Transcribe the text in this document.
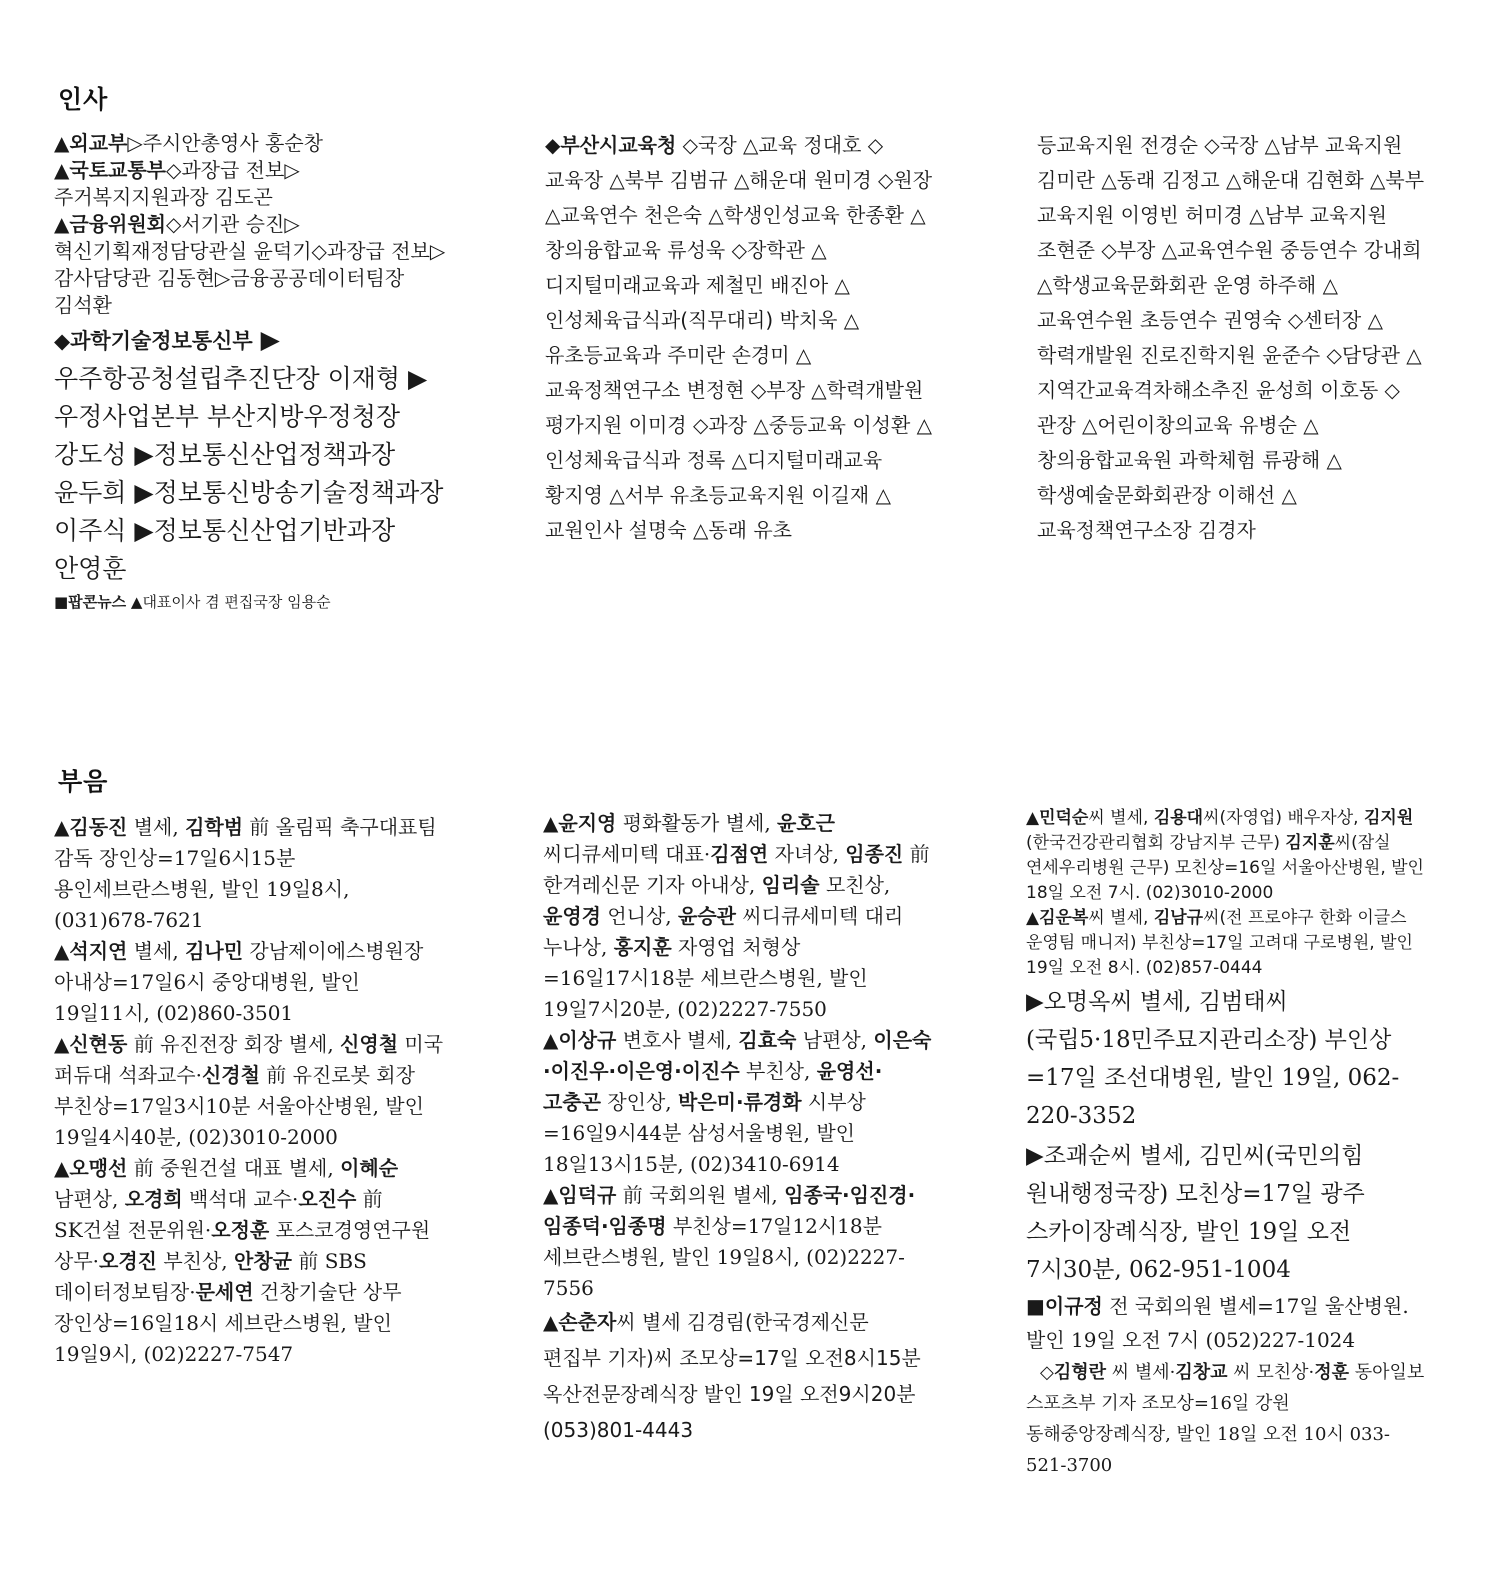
인사

▲외교부▷주시안총영사 홍순창

▲국토교통부◇과장급 전보▷주거복지지원과장 김도곤

▲금융위원회◇서기관 승진▷혁신기획재정담당관실 윤덕기◇과장급 전보▷감사담당관 김동현▷금융공공데이터팀장 김석환

◆과학기술정보통신부 ▶우주항공청설립추진단장 이재형 ▶우정사업본부 부산지방우정청장 강도성 ▶정보통신산업정책과장 윤두희 ▶정보통신방송기술정책과장 이주식 ▶정보통신산업기반과장 안영훈

■팝콘뉴스 ▲대표이사 겸 편집국장 임용순

◆부산시교육청 ◇국장 △교육 정대호 ◇교육장 △북부 김범규 △해운대 원미경 ◇원장 △교육연수 천은숙 △학생인성교육 한종환 △창의융합교육 류성욱 ◇장학관 △디지털미래교육과 제철민 배진아 △인성체육급식과(직무대리) 박치욱 △유초등교육과 주미란 손경미 △교육정책연구소 변정현 ◇부장 △학력개발원 평가지원 이미경 ◇과장 △중등교육 이성환 △인성체육급식과 정록 △디지털미래교육 황지영 △서부 유초등교육지원 이길재 △교원인사 설명숙 △동래 유초

등교육지원 전경순 ◇국장 △남부 교육지원 김미란 △동래 김정고 △해운대 김현화 △북부 교육지원 이영빈 허미경 △남부 교육지원 조현준 ◇부장 △교육연수원 중등연수 강내희 △학생교육문화회관 운영 하주해 △교육연수원 초등연수 권영숙 ◇센터장 △학력개발원 진로진학지원 윤준수 ◇담당관 △지역간교육격차해소추진 윤성희 이호동 ◇관장 △어린이창의교육 유병순 △창의융합교육원 과학체험 류광해 △학생예술문화회관장 이해선 △교육정책연구소장 김경자

부음

▲김동진 별세, 김학범 前 올림픽 축구대표팀 감독 장인상=17일6시15분 용인세브란스병원, 발인 19일8시, (031)678-7621

▲석지연 별세, 김나민 강남제이에스병원장 아내상=17일6시 중앙대병원, 발인 19일11시, (02)860-3501

▲신현동 前 유진전장 회장 별세, 신영철 미국 퍼듀대 석좌교수·신경철 前 유진로봇 회장 부친상=17일3시10분 서울아산병원, 발인 19일4시40분, (02)3010-2000

▲오맹선 前 중원건설 대표 별세, 이혜순 남편상, 오경희 백석대 교수·오진수 前 SK건설 전문위원·오정훈 포스코경영연구원 상무·오경진 부친상, 안창균 前 SBS 데이터정보팀장·문세연 건창기술단 상무 장인상=16일18시 세브란스병원, 발인 19일9시, (02)2227-7547

▲윤지영 평화활동가 별세, 윤호근 씨디큐세미텍 대표·김점연 자녀상, 임종진 前 한겨레신문 기자 아내상, 임리솔 모친상, 윤영경 언니상, 윤승관 씨디큐세미텍 대리 누나상, 홍지훈 자영업 처형상=16일17시18분 세브란스병원, 발인 19일7시20분, (02)2227-7550

▲이상규 변호사 별세, 김효숙 남편상, 이은숙·이진우·이은영·이진수 부친상, 윤영선·고충곤 장인상, 박은미·류경화 시부상=16일9시44분 삼성서울병원, 발인 18일13시15분, (02)3410-6914

▲임덕규 前 국회의원 별세, 임종국·임진경·임종덕·임종명 부친상=17일12시18분 세브란스병원, 발인 19일8시, (02)2227-7556

▲손춘자씨 별세 김경림(한국경제신문 편집부 기자)씨 조모상=17일 오전8시15분 옥산전문장례식장 발인 19일 오전9시20분 (053)801-4443

▲민덕순씨 별세, 김용대씨(자영업) 배우자상, 김지원(한국건강관리협회 강남지부 근무) 김지훈씨(잠실 연세우리병원 근무) 모친상=16일 서울아산병원, 발인 18일 오전 7시. (02)3010-2000

▲김운복씨 별세, 김남규씨(전 프로야구 한화 이글스 운영팀 매니저) 부친상=17일 고려대 구로병원, 발인 19일 오전 8시. (02)857-0444

▶오명옥씨 별세, 김범태씨(국립5·18민주묘지관리소장) 부인상=17일 조선대병원, 발인 19일, 062-220-3352

▶조괘순씨 별세, 김민씨(국민의힘 원내행정국장) 모친상=17일 광주 스카이장례식장, 발인 19일 오전 7시30분, 062-951-1004

■이규정 전 국회의원 별세=17일 울산병원. 발인 19일 오전 7시 (052)227-1024

◇김형란 씨 별세·김창교 씨 모친상·정훈 동아일보 스포츠부 기자 조모상=16일 강원 동해중앙장례식장, 발인 18일 오전 10시 033-521-3700
